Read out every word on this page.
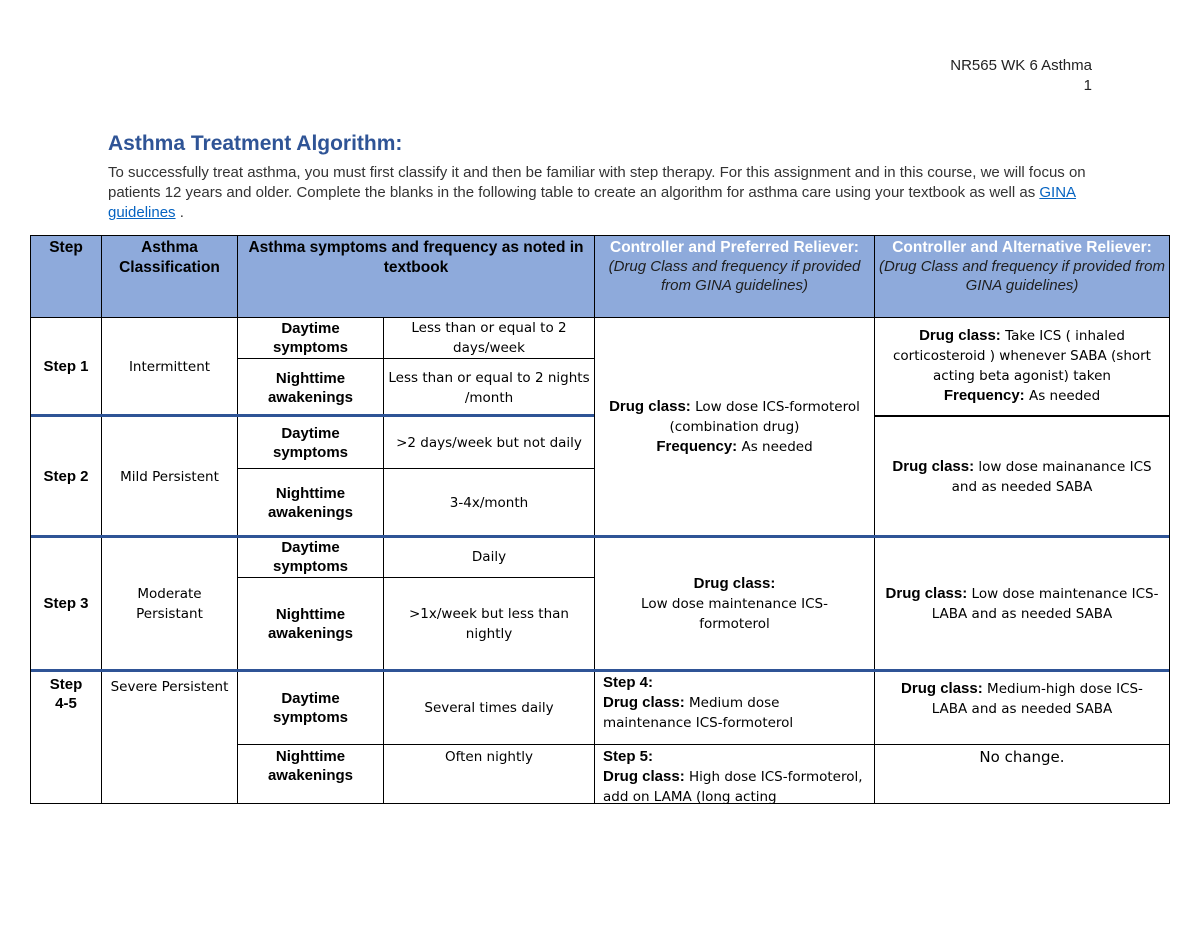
NR565 WK 6 Asthma
1
Asthma Treatment Algorithm:
To successfully treat asthma, you must first classify it and then be familiar with step therapy. For this assignment and in this course, we will focus on patients 12 years and older. Complete the blanks in the following table to create an algorithm for asthma care using your textbook as well as GINA guidelines .
Step	Asthma Classification
Asthma symptoms and frequency as noted in textbook
Controller and Preferred Reliever:
(Drug Class and frequency if provided from GINA guidelines)
Controller and Alternative Reliever:
(Drug Class and frequency if provided from GINA guidelines)
Step 1	Intermittent
Daytime symptoms
Less than or equal to 2 days/week
Nighttime awakenings
Less than or equal to 2 nights /month
Drug class: Low dose ICS-formoterol (combination drug)
Frequency: As needed
Drug class: Take ICS ( inhaled corticosteroid ) whenever SABA (short acting beta agonist) taken
Frequency: As needed
Step 2 Mild Persistent
Daytime symptoms
>2 days/week but not daily
Nighttime awakenings
3-4x/month
Drug class: low dose mainanance ICS and as needed SABA
Step 3
Moderate Persistant
Daytime symptoms
Daily
Nighttime awakenings
>1x/week but less than nightly
Drug class:
Low dose maintenance ICS-formoterol
Drug class: Low dose maintenance ICS-LABA and as needed SABA
Step 4-5
Severe Persistent
Daytime symptoms
Several times daily
Nighttime awakenings
Often nightly
Step 4:
Drug class: Medium dose maintenance ICS-formoterol
Step 5:
Drug class: High dose ICS-formoterol, add on LAMA (long acting
Drug class: Medium-high dose ICS-LABA and as needed SABA
No change.
